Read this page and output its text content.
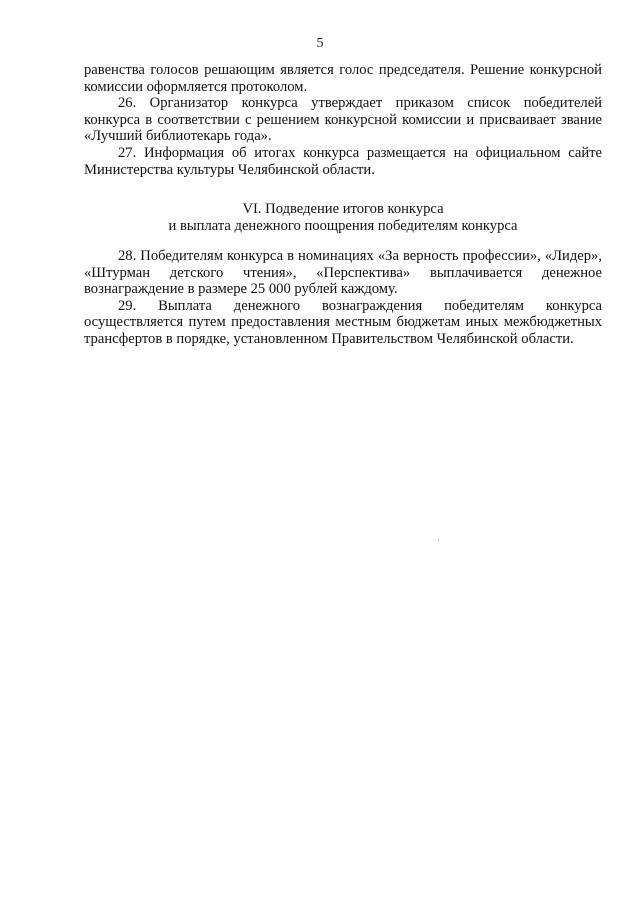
5

равенства голосов решающим является голос председателя. Решение конкурсной комиссии оформляется протоколом.

26. Организатор конкурса утверждает приказом список победителей конкурса в соответствии с решением конкурсной комиссии и присваивает звание «Лучший библиотекарь года».

27. Информация об итогах конкурса размещается на официальном сайте Министерства культуры Челябинской области.

VI. Подведение итогов конкурса
и выплата денежного поощрения победителям конкурса

28. Победителям конкурса в номинациях «За верность профессии», «Лидер», «Штурман детского чтения», «Перспектива» выплачивается денежное вознаграждение в размере 25 000 рублей каждому.

29. Выплата денежного вознаграждения победителям конкурса осуществляется путем предоставления местным бюджетам иных межбюджетных трансфертов в порядке, установленном Правительством Челябинской области.
